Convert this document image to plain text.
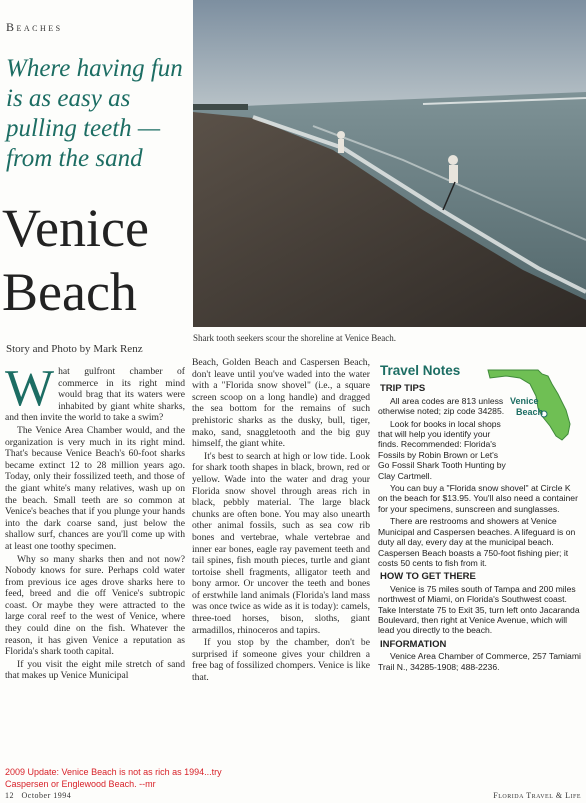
Beaches
Where having fun is as easy as pulling teeth — from the sand
Venice
Beach
Shark tooth seekers scour the shoreline at Venice Beach.
Story and Photo by Mark Renz

What gulfront chamber of commerce in its right mind would brag that its waters were inhabited by giant white sharks, and then invite the world to take a swim?

The Venice Area Chamber would, and the organization is very much in its right mind. That's because Venice Beach's 60-foot sharks became extinct 12 to 28 million years ago. Today, only their fossilized teeth, and those of the giant white's many relatives, wash up on the beach. Small teeth are so common at Venice's beaches that if you plunge your hands into the dark coarse sand, just below the shallow surf, chances are you'll come up with at least one toothy specimen.

Why so many sharks then and not now? Nobody knows for sure. Perhaps cold water from previous ice ages drove sharks here to feed, breed and die off Venice's subtropic coast. Or maybe they were attracted to the large coral reef to the west of Venice, where they could dine on the fish. Whatever the reason, it has given Venice a reputation as Florida's shark tooth capital.

If you visit the eight mile stretch of sand that makes up Venice Municipal

Beach, Golden Beach and Caspersen Beach, don't leave until you've waded into the water with a "Florida snow shovel" (i.e., a square screen scoop on a long handle) and dragged the sea bottom for the remains of such prehistoric sharks as the dusky, bull, tiger, mako, sand, snaggletooth and the big guy himself, the giant white.

It's best to search at high or low tide. Look for shark tooth shapes in black, brown, red or yellow. Wade into the water and drag your Florida snow shovel through areas rich in black, pebbly material. The large black chunks are often bone. You may also unearth other animal fossils, such as sea cow rib bones and vertebrae, whale vertebrae and inner ear bones, eagle ray pavement teeth and tail spines, fish mouth pieces, turtle and giant tortoise shell fragments, alligator teeth and bony armor. Or uncover the teeth and bones of erstwhile land animals (Florida's land mass was once twice as wide as it is today): camels, three-toed horses, bison, sloths, giant armadillos, rhinoceros and tapirs.

If you stop by the chamber, don't be surprised if someone gives your children a free bag of fossilized chompers. Venice is like that.

Venice
Beach
Travel Notes
TRIP TIPS

All area codes are 813 unless otherwise noted; zip code 34285.

Look for books in local shops that will help you identify your finds. Recommended: Florida's Fossils by Robin Brown or Let's Go Fossil Shark Tooth Hunting by Clay Cartmell.

You can buy a "Florida snow shovel" at Circle K on the beach for $13.95. You'll also need a container for your specimens, sunscreen and sunglasses.

There are restrooms and showers at Venice Municipal and Caspersen beaches. A lifeguard is on duty all day, every day at the municipal beach. Caspersen Beach boasts a 750-foot fishing pier; it costs 50 cents to fish from it.

HOW TO GET THERE

Venice is 75 miles south of Tampa and 200 miles northwest of Miami, on Florida's Southwest coast. Take Interstate 75 to Exit 35, turn left onto Jacaranda Boulevard, then right at Venice Avenue, which will lead you directly to the beach.

INFORMATION

Venice Area Chamber of Commerce, 257 Tamiami Trail N., 34285-1908; 488-2236.

2009 Update: Venice Beach is not as rich as 1994...try
Caspersen or Englewood Beach. --mr
12 October 1994	Florida Travel & Life
